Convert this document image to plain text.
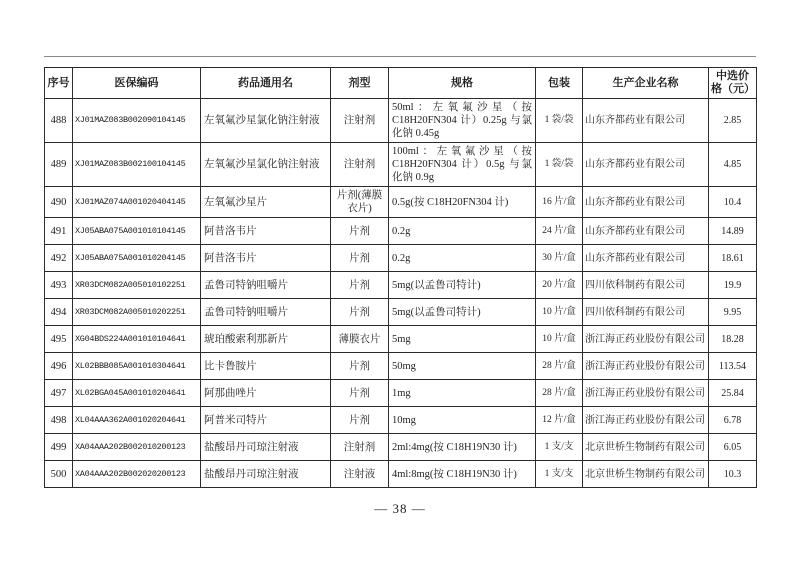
序号	医保编码	药品通用名	剂型	规格	包装	生产企业名称	中选价格（元）
488	XJ01MAZ083B002090104145	左氧氟沙星氯化钠注射液	注射剂	50ml：左氧氟沙星（按 C18H20FN304 计）0.25g 与氯化钠 0.45g	1 袋/袋	山东齐都药业有限公司	2.85
489	XJ01MAZ083B002100104145	左氧氟沙星氯化钠注射液	注射剂	100ml：左氧氟沙星（按 C18H20FN304 计）0.5g 与氯化钠 0.9g	1 袋/袋	山东齐都药业有限公司	4.85
490	XJ01MAZ074A001020404145	左氧氟沙星片	片剂(薄膜衣片)	0.5g(按 C18H20FN304 计)	16 片/盒	山东齐都药业有限公司	10.4
491	XJ05ABA075A001010104145	阿昔洛韦片	片剂	0.2g	24 片/盒	山东齐都药业有限公司	14.89
492	XJ05ABA075A001010204145	阿昔洛韦片	片剂	0.2g	30 片/盒	山东齐都药业有限公司	18.61
493	XR03DCM082A005010102251	孟鲁司特钠咀嚼片	片剂	5mg(以孟鲁司特计)	20 片/盒	四川依科制药有限公司	19.9
494	XR03DCM082A005010202251	孟鲁司特钠咀嚼片	片剂	5mg(以孟鲁司特计)	10 片/盒	四川依科制药有限公司	9.95
495	XG04BDS224A001010104641	琥珀酸索利那新片	薄膜衣片	5mg	10 片/盒	浙江海正药业股份有限公司	18.28
496	XL02BBB085A001010304641	比卡鲁胺片	片剂	50mg	28 片/盒	浙江海正药业股份有限公司	113.54
497	XL02BGA045A001010204641	阿那曲唑片	片剂	1mg	28 片/盒	浙江海正药业股份有限公司	25.84
498	XL04AAA362A001020204641	阿普米司特片	片剂	10mg	12 片/盒	浙江海正药业股份有限公司	6.78
499	XA04AAA202B002010200123	盐酸昂丹司琼注射液	注射剂	2ml:4mg(按 C18H19N30 计)	1 支/支	北京世桥生物制药有限公司	6.05
500	XA04AAA202B002020200123	盐酸昂丹司琼注射液	注射液	4ml:8mg(按 C18H19N30 计)	1 支/支	北京世桥生物制药有限公司	10.3
— 38 —
